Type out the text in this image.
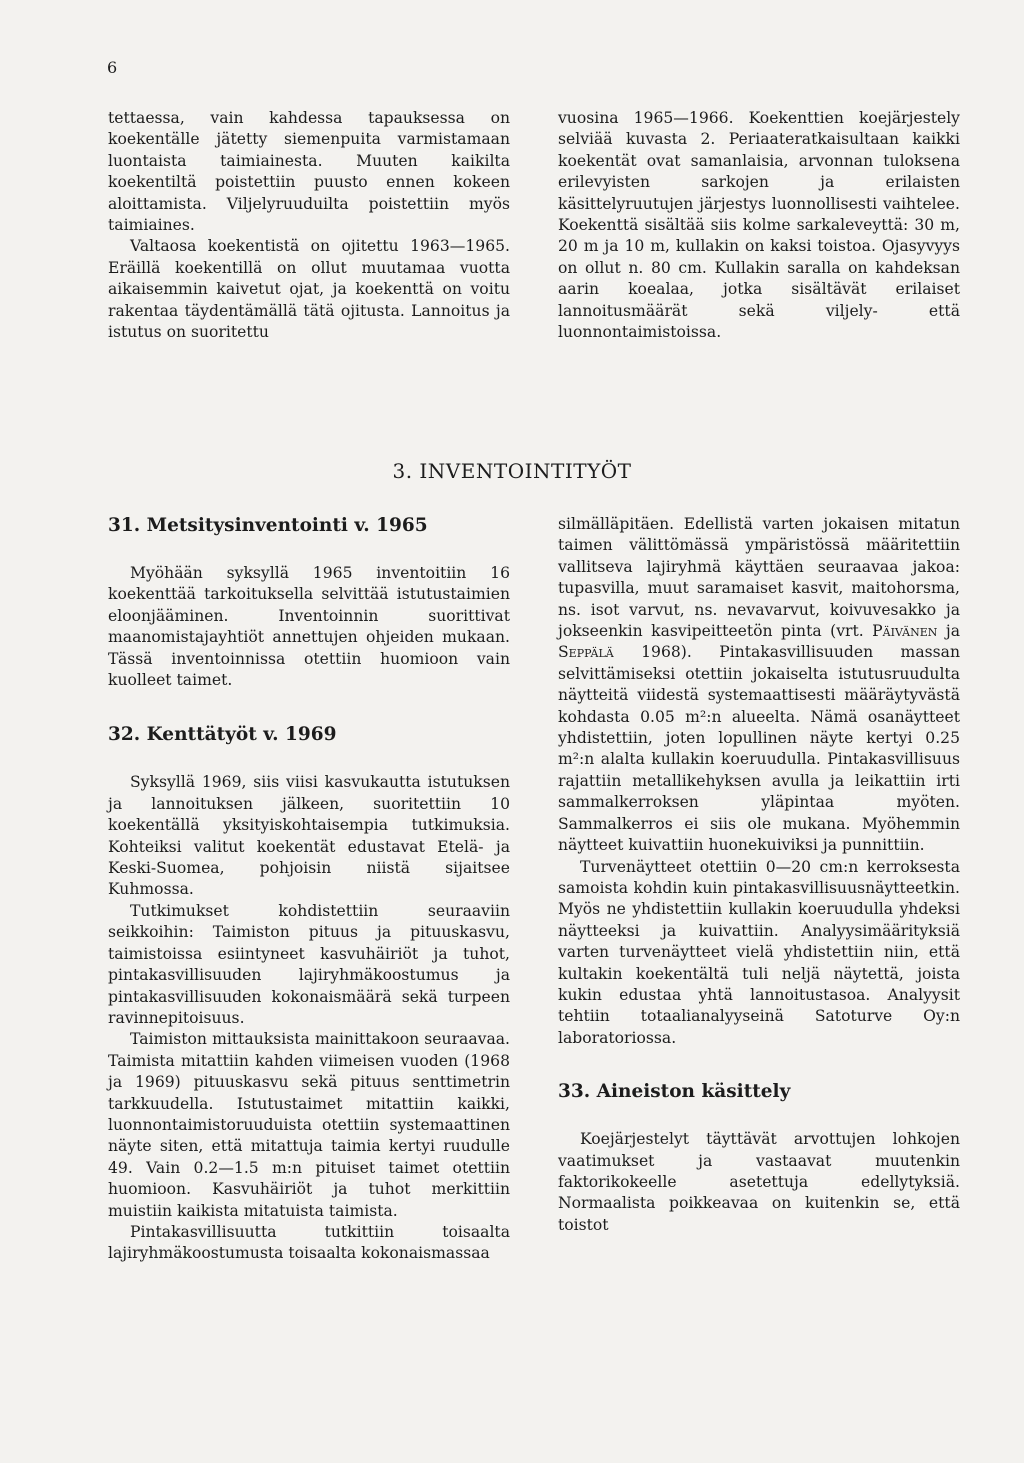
6

tettaessa, vain kahdessa tapauksessa on koekentälle jätetty siemenpuita varmistamaan luontaista taimiainesta. Muuten kaikilta koekentiltä poistettiin puusto ennen kokeen aloittamista. Viljelyruuduilta poistettiin myös taimiaines.

Valtaosa koekentistä on ojitettu 1963—1965. Eräillä koekentillä on ollut muutamaa vuotta aikaisemmin kaivetut ojat, ja koekenttä on voitu rakentaa täydentämällä tätä ojitusta. Lannoitus ja istutus on suoritettu

vuosina 1965—1966. Koekenttien koejärjestely selviää kuvasta 2. Periaateratkaisultaan kaikki koekentät ovat samanlaisia, arvonnan tuloksena erilevyisten sarkojen ja erilaisten käsittelyruutujen järjestys luonnollisesti vaihtelee. Koekenttä sisältää siis kolme sarkaleveyttä: 30 m, 20 m ja 10 m, kullakin on kaksi toistoa. Ojasyvyys on ollut n. 80 cm. Kullakin saralla on kahdeksan aarin koealaa, jotka sisältävät erilaiset lannoitusmäärät sekä viljely- että luonnontaimistoissa.

3. INVENTOINTITYÖT
31. Metsitysinventointi v. 1965

Myöhään syksyllä 1965 inventoitiin 16 koekenttää tarkoituksella selvittää istutustaimien eloonjääminen. Inventoinnin suorittivat maanomistajayhtiöt annettujen ohjeiden mukaan. Tässä inventoinnissa otettiin huomioon vain kuolleet taimet.

32. Kenttätyöt v. 1969

Syksyllä 1969, siis viisi kasvukautta istutuksen ja lannoituksen jälkeen, suoritettiin 10 koekentällä yksityiskohtaisempia tutkimuksia. Kohteiksi valitut koekentät edustavat Etelä- ja Keski-Suomea, pohjoisin niistä sijaitsee Kuhmossa.

Tutkimukset kohdistettiin seuraaviin seikkoihin: Taimiston pituus ja pituuskasvu, taimistoissa esiintyneet kasvuhäiriöt ja tuhot, pintakasvillisuuden lajiryhmäkoostumus ja pintakasvillisuuden kokonaismäärä sekä turpeen ravinnepitoisuus.

Taimiston mittauksista mainittakoon seuraavaa. Taimista mitattiin kahden viimeisen vuoden (1968 ja 1969) pituuskasvu sekä pituus senttimetrin tarkkuudella. Istutustaimet mitattiin kaikki, luonnontaimistoruuduista otettiin systemaattinen näyte siten, että mitattuja taimia kertyi ruudulle 49. Vain 0.2—1.5 m:n pituiset taimet otettiin huomioon. Kasvuhäiriöt ja tuhot merkittiin muistiin kaikista mitatuista taimista.

Pintakasvillisuutta tutkittiin toisaalta lajiryhmäkoostumusta toisaalta kokonaismassaa

silmälläpitäen. Edellistä varten jokaisen mitatun taimen välittömässä ympäristössä määritettiin vallitseva lajiryhmä käyttäen seuraavaa jakoa: tupasvilla, muut saramaiset kasvit, maitohorsma, ns. isot varvut, ns. nevavarvut, koivuvesakko ja jokseenkin kasvipeitteetön pinta (vrt. Päivänen ja Seppälä 1968). Pintakasvillisuuden massan selvittämiseksi otettiin jokaiselta istutusruudulta näytteitä viidestä systemaattisesti määräytyvästä kohdasta 0.05 m²:n alueelta. Nämä osanäytteet yhdistettiin, joten lopullinen näyte kertyi 0.25 m²:n alalta kullakin koeruudulla. Pintakasvillisuus rajattiin metallikehyksen avulla ja leikattiin irti sammalkerroksen yläpintaa myöten. Sammalkerros ei siis ole mukana. Myöhemmin näytteet kuivattiin huonekuiviksi ja punnittiin.

Turvenäytteet otettiin 0—20 cm:n kerroksesta samoista kohdin kuin pintakasvillisuusnäytteetkin. Myös ne yhdistettiin kullakin koeruudulla yhdeksi näytteeksi ja kuivattiin. Analyysimäärityksiä varten turvenäytteet vielä yhdistettiin niin, että kultakin koekentältä tuli neljä näytettä, joista kukin edustaa yhtä lannoitustasoa. Analyysit tehtiin totaalianalyyseinä Satoturve Oy:n laboratoriossa.

33. Aineiston käsittely

Koejärjestelyt täyttävät arvottujen lohkojen vaatimukset ja vastaavat muutenkin faktorikokeelle asetettuja edellytyksiä. Normaalista poikkeavaa on kuitenkin se, että toistot
